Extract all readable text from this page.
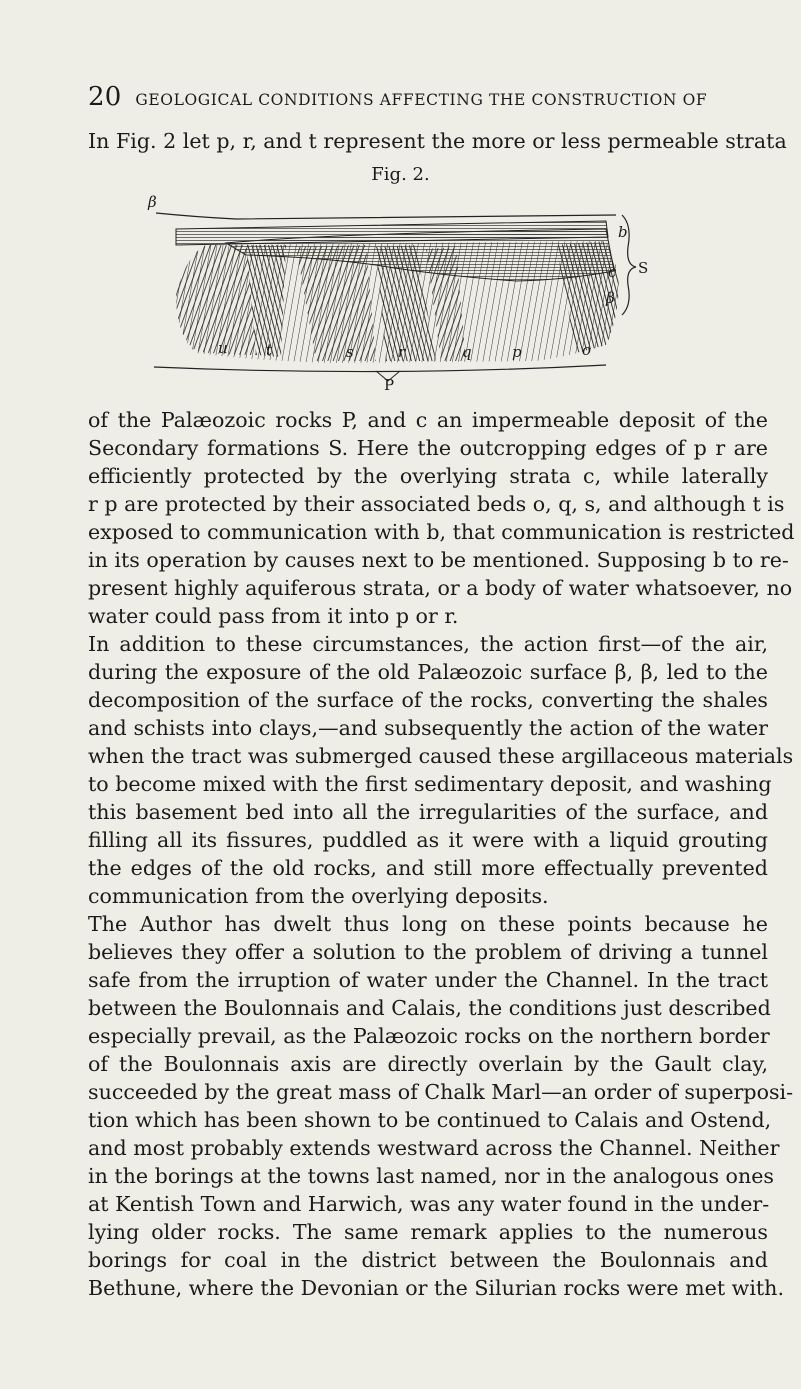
20 GEOLOGICAL CONDITIONS AFFECTING THE CONSTRUCTION OF
In Fig. 2 let p, r, and t represent the more or less permeable strata
Fig. 2.
β
b
S
c
β
u	t	s	r	q	p	o
P
of the Palæozoic rocks P, and c an impermeable deposit of the
Secondary formations S. Here the outcropping edges of p r are
efficiently protected by the overlying strata c, while laterally
r p are protected by their associated beds o, q, s, and although t is
exposed to communication with b, that communication is restricted
in its operation by causes next to be mentioned. Supposing b to re-
present highly aquiferous strata, or a body of water whatsoever, no
water could pass from it into p or r.
In addition to these circumstances, the action first—of the air,
during the exposure of the old Palæozoic surface β, β, led to the
decomposition of the surface of the rocks, converting the shales
and schists into clays,—and subsequently the action of the water
when the tract was submerged caused these argillaceous materials
to become mixed with the first sedimentary deposit, and washing
this basement bed into all the irregularities of the surface, and
filling all its fissures, puddled as it were with a liquid grouting
the edges of the old rocks, and still more effectually prevented
communication from the overlying deposits.
The Author has dwelt thus long on these points because he
believes they offer a solution to the problem of driving a tunnel
safe from the irruption of water under the Channel. In the tract
between the Boulonnais and Calais, the conditions just described
especially prevail, as the Palæozoic rocks on the northern border
of the Boulonnais axis are directly overlain by the Gault clay,
succeeded by the great mass of Chalk Marl—an order of superposi-
tion which has been shown to be continued to Calais and Ostend,
and most probably extends westward across the Channel. Neither
in the borings at the towns last named, nor in the analogous ones
at Kentish Town and Harwich, was any water found in the under-
lying older rocks. The same remark applies to the numerous
borings for coal in the district between the Boulonnais and
Bethune, where the Devonian or the Silurian rocks were met with.
